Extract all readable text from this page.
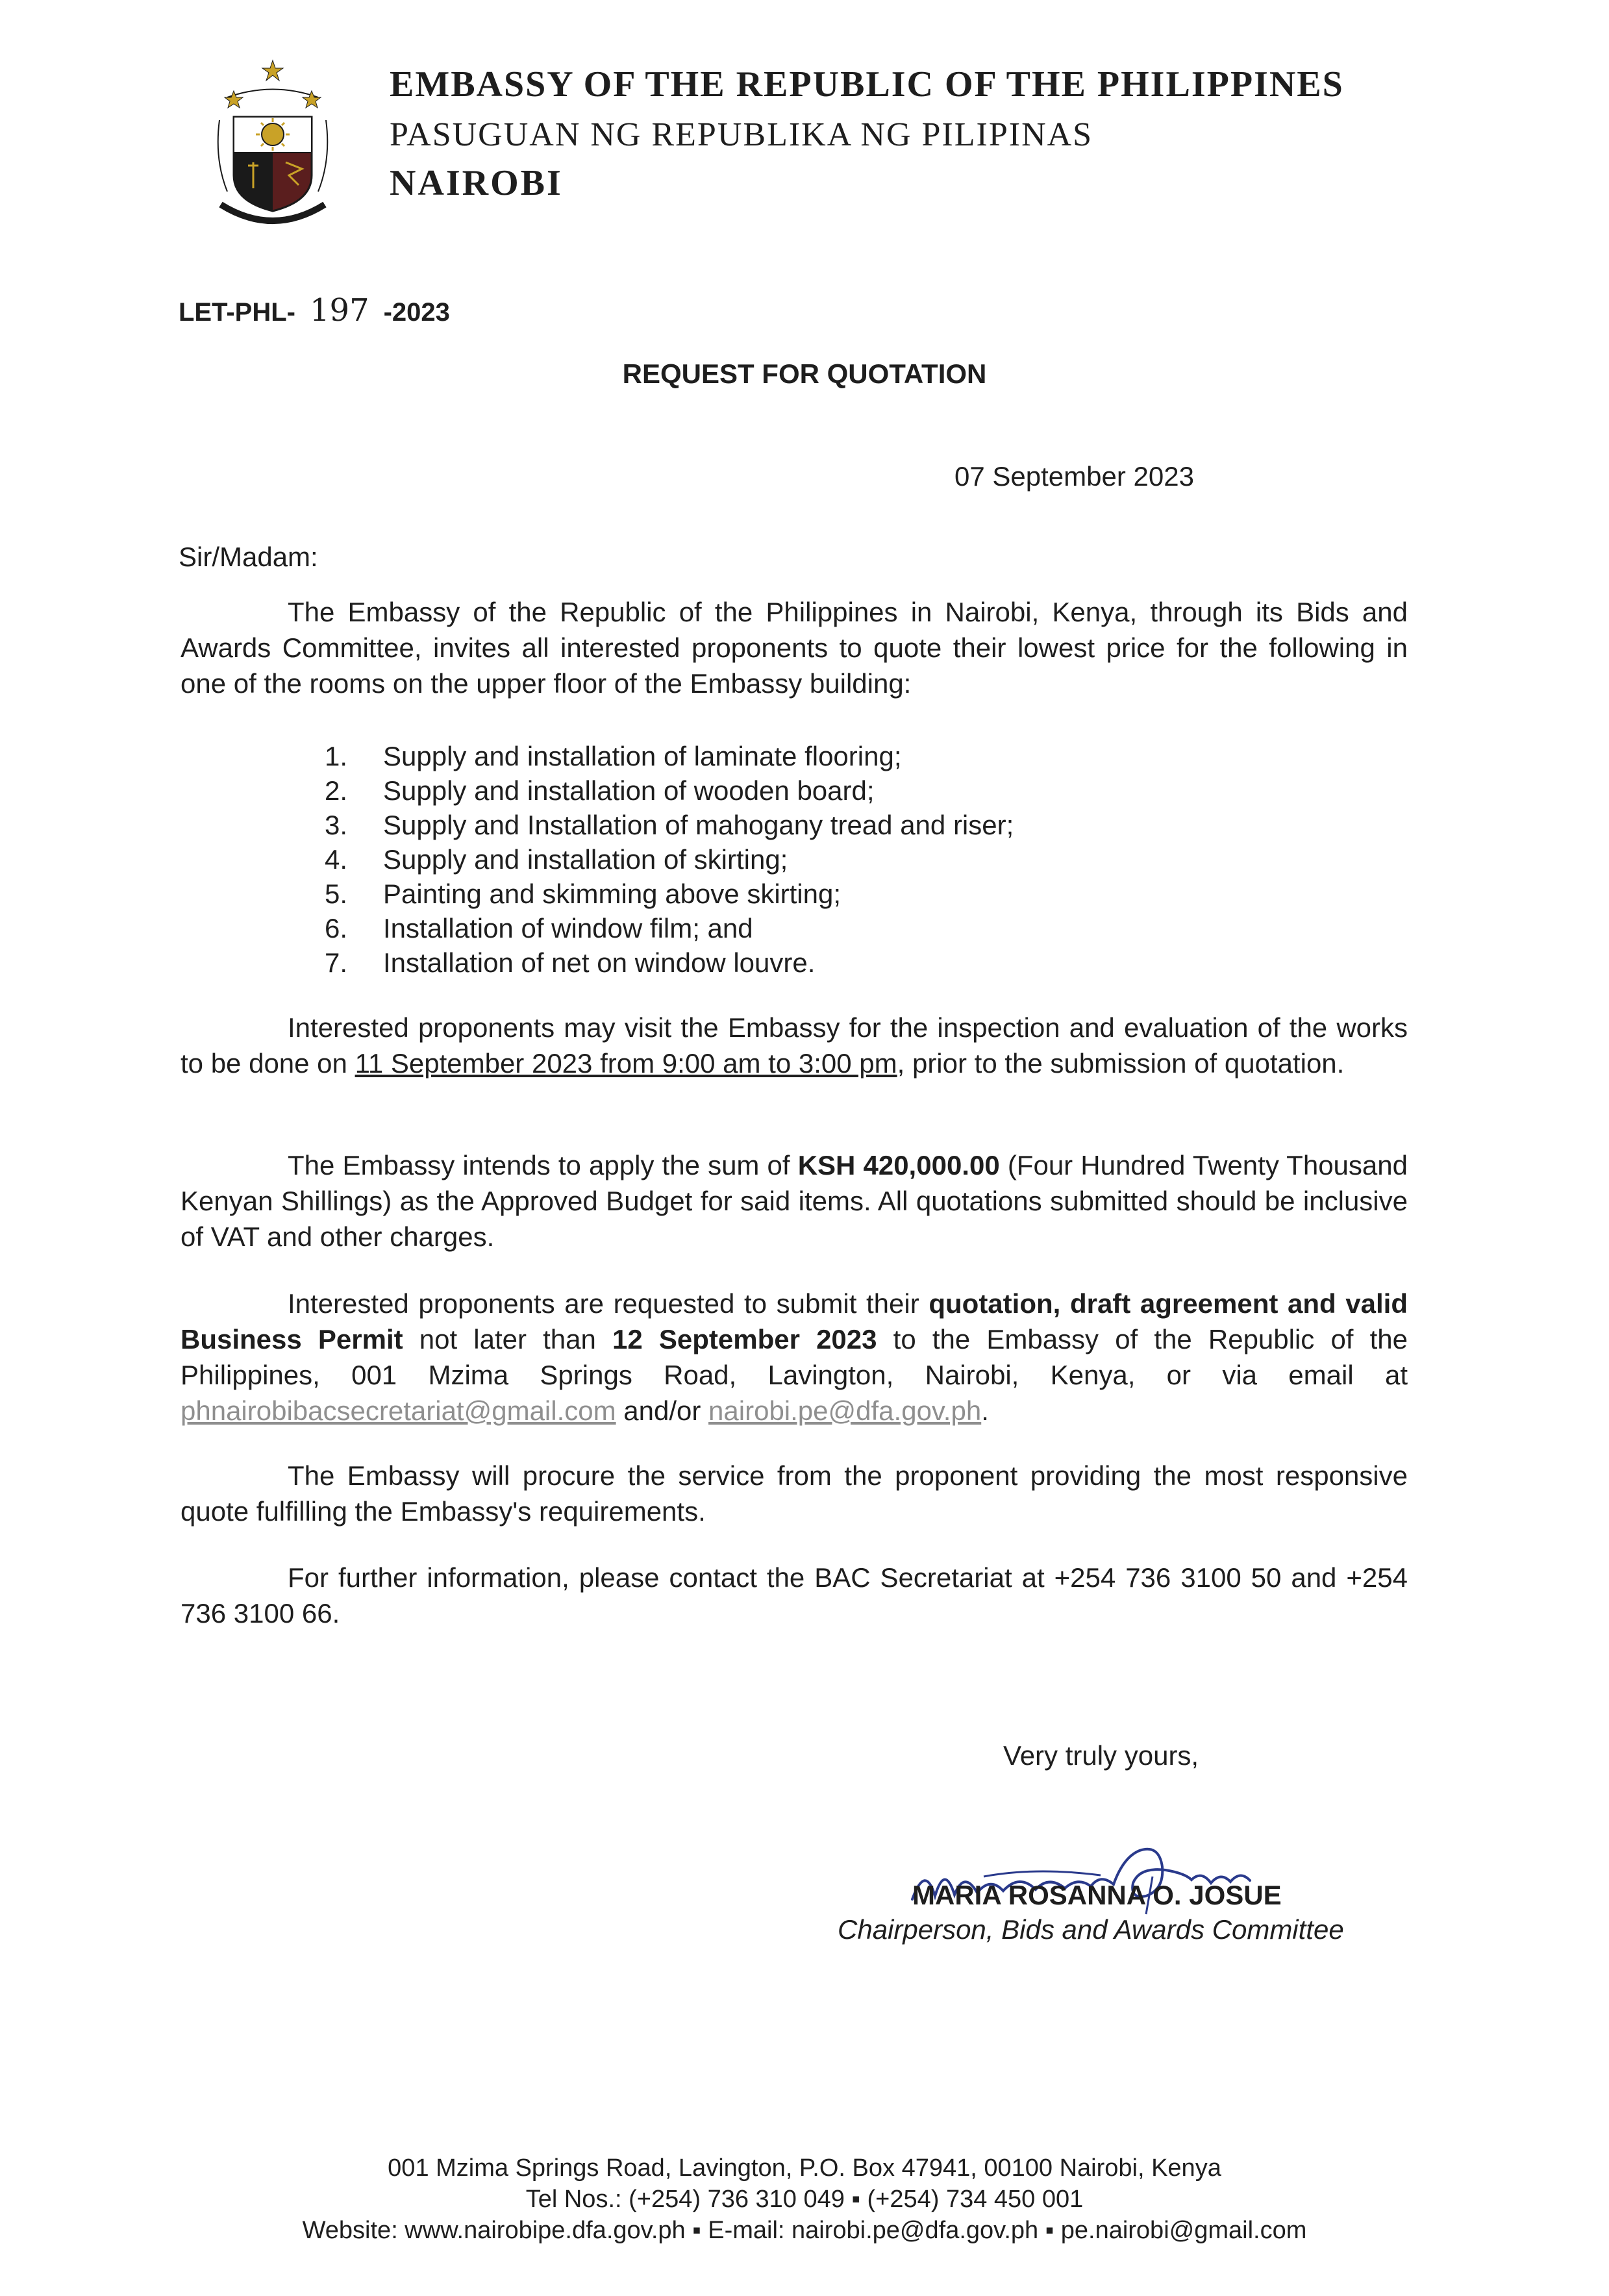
EMBASSY OF THE REPUBLIC OF THE PHILIPPINES
PASUGUAN NG REPUBLIKA NG PILIPINAS
NAIROBI
LET-PHL- 197 -2023
REQUEST FOR QUOTATION
07 September 2023
Sir/Madam:
The Embassy of the Republic of the Philippines in Nairobi, Kenya, through its Bids and Awards Committee, invites all interested proponents to quote their lowest price for the following in one of the rooms on the upper floor of the Embassy building:
1. Supply and installation of laminate flooring;
2. Supply and installation of wooden board;
3. Supply and Installation of mahogany tread and riser;
4. Supply and installation of skirting;
5. Painting and skimming above skirting;
6. Installation of window film; and
7. Installation of net on window louvre.
Interested proponents may visit the Embassy for the inspection and evaluation of the works to be done on 11 September 2023 from 9:00 am to 3:00 pm, prior to the submission of quotation.
The Embassy intends to apply the sum of KSH 420,000.00 (Four Hundred Twenty Thousand Kenyan Shillings) as the Approved Budget for said items. All quotations submitted should be inclusive of VAT and other charges.
Interested proponents are requested to submit their quotation, draft agreement and valid Business Permit not later than 12 September 2023 to the Embassy of the Republic of the Philippines, 001 Mzima Springs Road, Lavington, Nairobi, Kenya, or via email at phnairobibacsecretariat@gmail.com and/or nairobi.pe@dfa.gov.ph.
The Embassy will procure the service from the proponent providing the most responsive quote fulfilling the Embassy's requirements.
For further information, please contact the BAC Secretariat at +254 736 3100 50 and +254 736 3100 66.
Very truly yours,
MARIA ROSANNA O. JOSUE
Chairperson, Bids and Awards Committee
001 Mzima Springs Road, Lavington, P.O. Box 47941, 00100 Nairobi, Kenya
Tel Nos.: (+254) 736 310 049 ▪ (+254) 734 450 001
Website: www.nairobipe.dfa.gov.ph ▪ E-mail: nairobi.pe@dfa.gov.ph ▪ pe.nairobi@gmail.com
